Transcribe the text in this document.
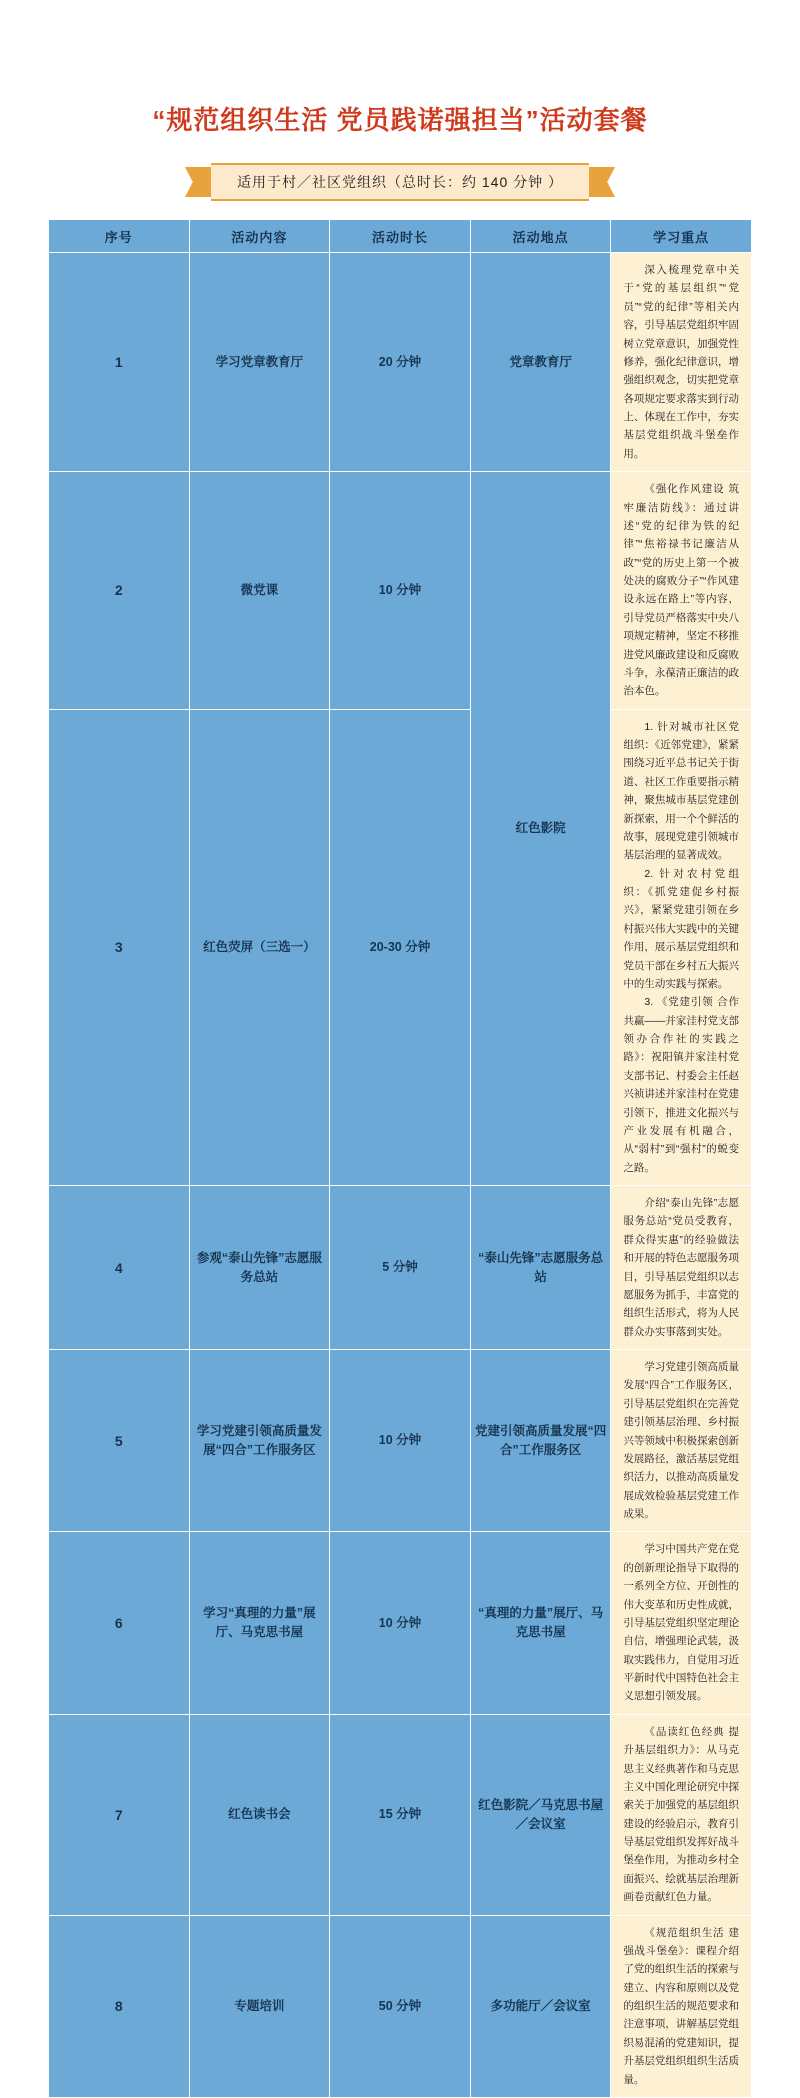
“规范组织生活 党员践诺强担当”活动套餐
适用于村／社区党组织（总时长：约 140 分钟 ）
序号	活动内容	活动时长	活动地点	学习重点
1	学习党章教育厅	20 分钟	党章教育厅	深入梳理党章中关于“党的基层组织”“党员”“党的纪律”等相关内容，引导基层党组织牢固树立党章意识，加强党性修养，强化纪律意识，增强组织观念，切实把党章各项规定要求落实到行动上、体现在工作中，夯实基层党组织战斗堡垒作用。

2	微党课	10 分钟	红色影院	《强化作风建设 筑牢廉洁防线》：通过讲述“党的纪律为铁的纪律”“焦裕禄书记廉洁从政”“党的历史上第一个被处决的腐败分子”“作风建设永远在路上”等内容，引导党员严格落实中央八项规定精神，坚定不移推进党风廉政建设和反腐败斗争，永葆清正廉洁的政治本色。

3	红色荧屏（三选一）	20-30 分钟		1. 针对城市社区党组织：《近邻党建》，紧紧围绕习近平总书记关于街道、社区工作重要指示精神，聚焦城市基层党建创新探索，用一个个鲜活的故事，展现党建引领城市基层治理的显著成效。

2. 针对农村党组织：《抓党建促乡村振兴》，紧紧党建引领在乡村振兴伟大实践中的关键作用，展示基层党组织和党员干部在乡村五大振兴中的生动实践与探索。

3. 《党建引领 合作共赢——并家洼村党支部领办合作社的实践之路》：祝阳镇并家洼村党支部书记、村委会主任赵兴祯讲述并家洼村在党建引领下，推进文化振兴与产业发展有机融合，从“弱村”到“强村”的蜕变之路。

4	参观“泰山先锋”志愿服务总站	5 分钟	“泰山先锋”志愿服务总站	介绍“泰山先锋”志愿服务总站“党员受教育，群众得实惠”的经验做法和开展的特色志愿服务项目，引导基层党组织以志愿服务为抓手，丰富党的组织生活形式，将为人民群众办实事落到实处。

5	学习党建引领高质量发展“四合”工作服务区	10 分钟	党建引领高质量发展“四合”工作服务区	学习党建引领高质量发展“四合”工作服务区，引导基层党组织在完善党建引领基层治理、乡村振兴等领域中积极探索创新发展路径，激活基层党组织活力，以推动高质量发展成效检验基层党建工作成果。

6	学习“真理的力量”展厅、马克思书屋	10 分钟	“真理的力量”展厅、马克思书屋	学习中国共产党在党的创新理论指导下取得的一系列全方位、开创性的伟大变革和历史性成就，引导基层党组织坚定理论自信，增强理论武装，汲取实践伟力，自觉用习近平新时代中国特色社会主义思想引领发展。

7	红色读书会	15 分钟	红色影院／马克思书屋／会议室	《品读红色经典 提升基层组织力》：从马克思主义经典著作和马克思主义中国化理论研究中探索关于加强党的基层组织建设的经验启示，教育引导基层党组织发挥好战斗堡垒作用，为推动乡村全面振兴、绘就基层治理新画卷贡献红色力量。

8	专题培训	50 分钟	多功能厅／会议室	《规范组织生活 建强战斗堡垒》：课程介绍了党的组织生活的探索与建立、内容和原则以及党的组织生活的规范要求和注意事项，讲解基层党组织易混淆的党建知识，提升基层党组织组织生活质量。
